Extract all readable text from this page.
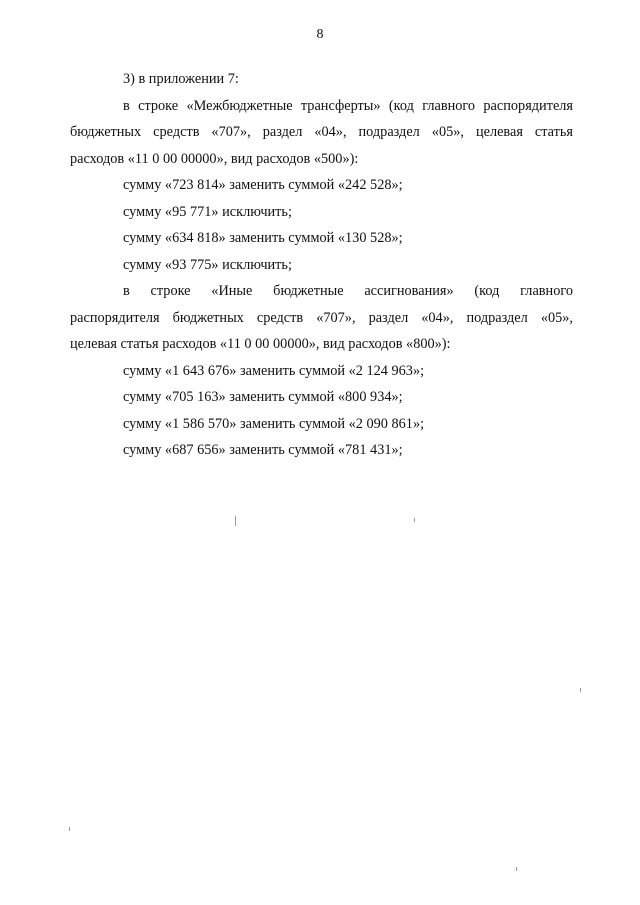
8

3) в приложении 7:

в строке «Межбюджетные трансферты» (код главного распорядителя

бюджетных средств «707», раздел «04», подраздел «05», целевая статья

расходов «11 0 00 00000», вид расходов «500»):

сумму «723 814» заменить суммой «242 528»;

сумму «95 771» исключить;

сумму «634 818» заменить суммой «130 528»;

сумму «93 775» исключить;

в строке «Иные бюджетные ассигнования» (код главного

распорядителя бюджетных средств «707», раздел «04», подраздел «05»,

целевая статья расходов «11 0 00 00000», вид расходов «800»):

сумму «1 643 676» заменить суммой «2 124 963»;

сумму «705 163» заменить суммой «800 934»;

сумму «1 586 570» заменить суммой «2 090 861»;

сумму «687 656» заменить суммой «781 431»;
